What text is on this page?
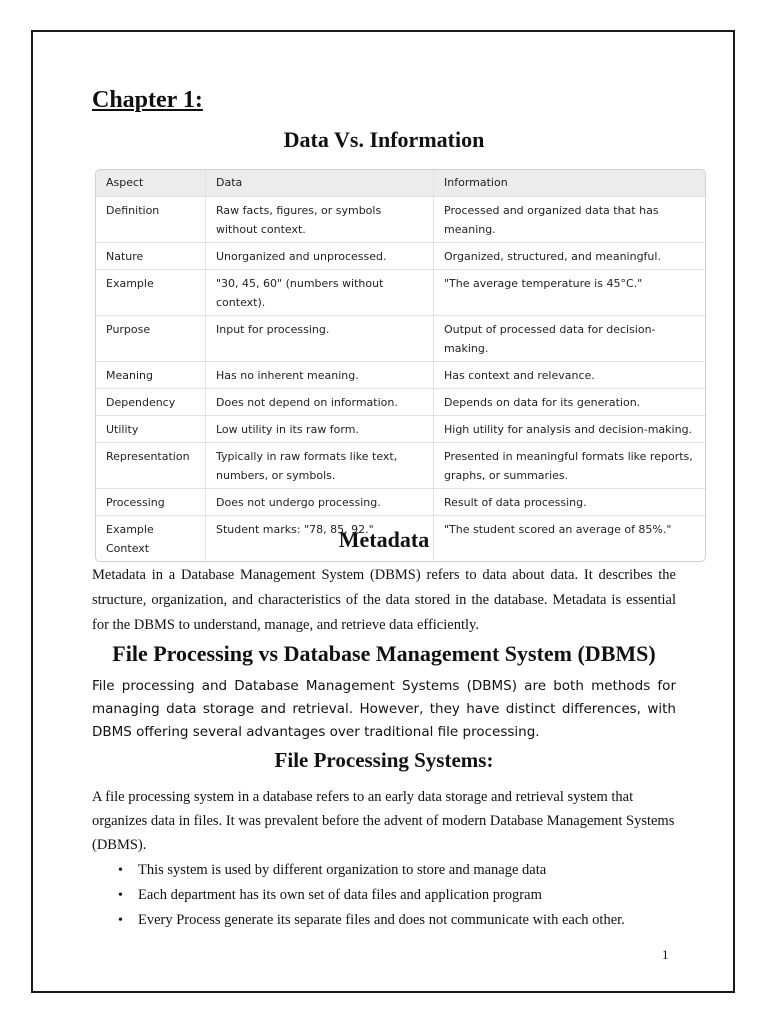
Chapter 1:
Data Vs. Information
Aspect	Data	Information
Definition	Raw facts, figures, or symbols without context.	Processed and organized data that has meaning.
Nature	Unorganized and unprocessed.	Organized, structured, and meaningful.
Example	"30, 45, 60" (numbers without context).	"The average temperature is 45°C."
Purpose	Input for processing.	Output of processed data for decision-making.
Meaning	Has no inherent meaning.	Has context and relevance.
Dependency	Does not depend on information.	Depends on data for its generation.
Utility	Low utility in its raw form.	High utility for analysis and decision-making.
Representation	Typically in raw formats like text, numbers, or symbols.	Presented in meaningful formats like reports, graphs, or summaries.
Processing	Does not undergo processing.	Result of data processing.
Example Context	Student marks: "78, 85, 92."	"The student scored an average of 85%."
Metadata
Metadata in a Database Management System (DBMS) refers to data about data. It describes the structure, organization, and characteristics of the data stored in the database. Metadata is essential for the DBMS to understand, manage, and retrieve data efficiently.
File Processing vs Database Management System (DBMS)
File processing and Database Management Systems (DBMS) are both methods for managing data storage and retrieval. However, they have distinct differences, with DBMS offering several advantages over traditional file processing.
File Processing Systems:
A file processing system in a database refers to an early data storage and retrieval system that organizes data in files. It was prevalent before the advent of modern Database Management Systems (DBMS).
• This system is used by different organization to store and manage data
• Each department has its own set of data files and application program
• Every Process generate its separate files and does not communicate with each other.
1
